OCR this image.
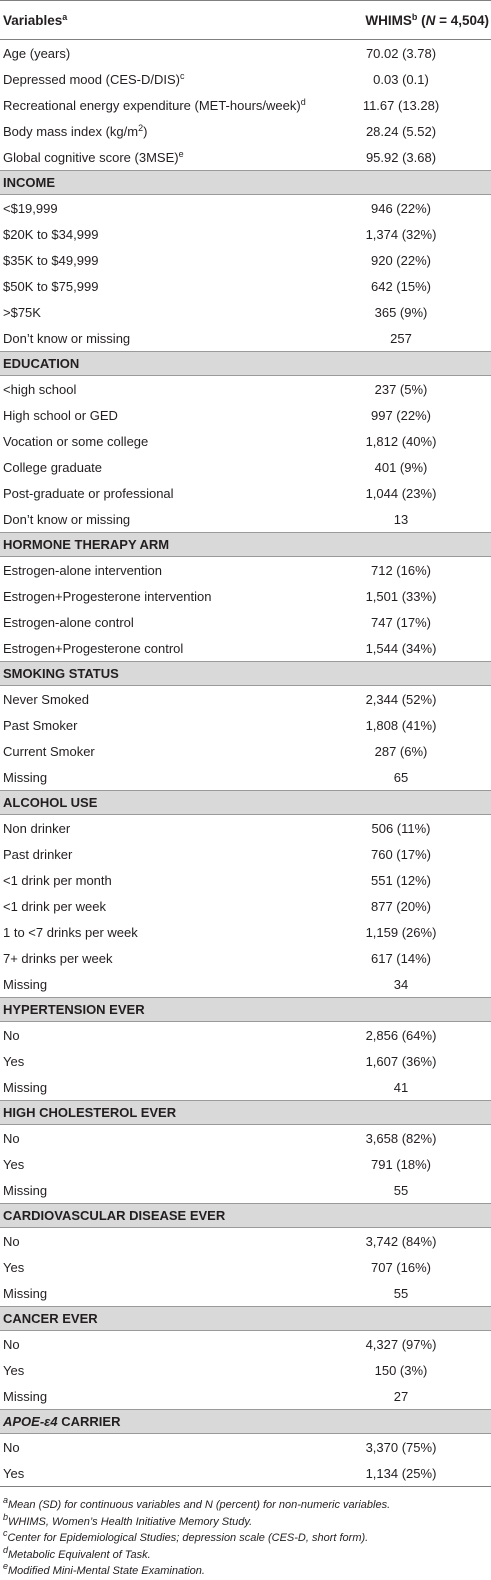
Variables$^a$	WHIMS$^b$ (N = 4,504)
Age (years)	70.02 (3.78)
Depressed mood $(CES-D/DIS)^c$	0.03 (0.1)
Recreational energy expenditure (MET-hours/week)$^d$	11.67 (13.28)
Body mass index $(kg/m^2)$	28.24 (5.52)
Global cognitive score $(3MSE)^e$	95.92 (3.68)
INCOME	
<$19,999	946 (22%)
$20K to $34,999	1,374 (32%)
$35K to $49,999	920 (22%)
$50K to $75,999	642 (15%)
>$75K	365 (9%)
Don’t know or missing	257
EDUCATION	
<high school	237 (5%)
High school or GED	997 (22%)
Vocation or some college	1,812 (40%)
College graduate	401 (9%)
Post-graduate or professional	1,044 (23%)
Don’t know or missing	13
HORMONE THERAPY ARM	
Estrogen-alone intervention	712 (16%)
Estrogen+Progesterone intervention	1,501 (33%)
Estrogen-alone control	747 (17%)
Estrogen+Progesterone control	1,544 (34%)
SMOKING STATUS	
Never Smoked	2,344 (52%)
Past Smoker	1,808 (41%)
Current Smoker	287 (6%)
Missing	65
ALCOHOL USE	
Non drinker	506 (11%)
Past drinker	760 (17%)
<1 drink per month	551 (12%)
<1 drink per week	877 (20%)
1 to <7 drinks per week	1,159 (26%)
7+ drinks per week	617 (14%)
Missing	34
HYPERTENSION EVER	
No	2,856 (64%)
Yes	1,607 (36%)
Missing	41
HIGH CHOLESTEROL EVER	
No	3,658 (82%)
Yes	791 (18%)
Missing	55
CARDIOVASCULAR DISEASE EVER	
No	3,742 (84%)
Yes	707 (16%)
Missing	55
CANCER EVER	
No	4,327 (97%)
Yes	150 (3%)
Missing	27
APOE-ε4 CARRIER	
No	3,370 (75%)
Yes	1,134 (25%)
$^a$Mean (SD) for continuous variables and N (percent) for non-numeric variables.
$^b$WHIMS, Women’s Health Initiative Memory Study.
$^c$Center for Epidemiological Studies; depression scale (CES-D, short form).
$^d$Metabolic Equivalent of Task.
$^e$Modified Mini-Mental State Examination.
